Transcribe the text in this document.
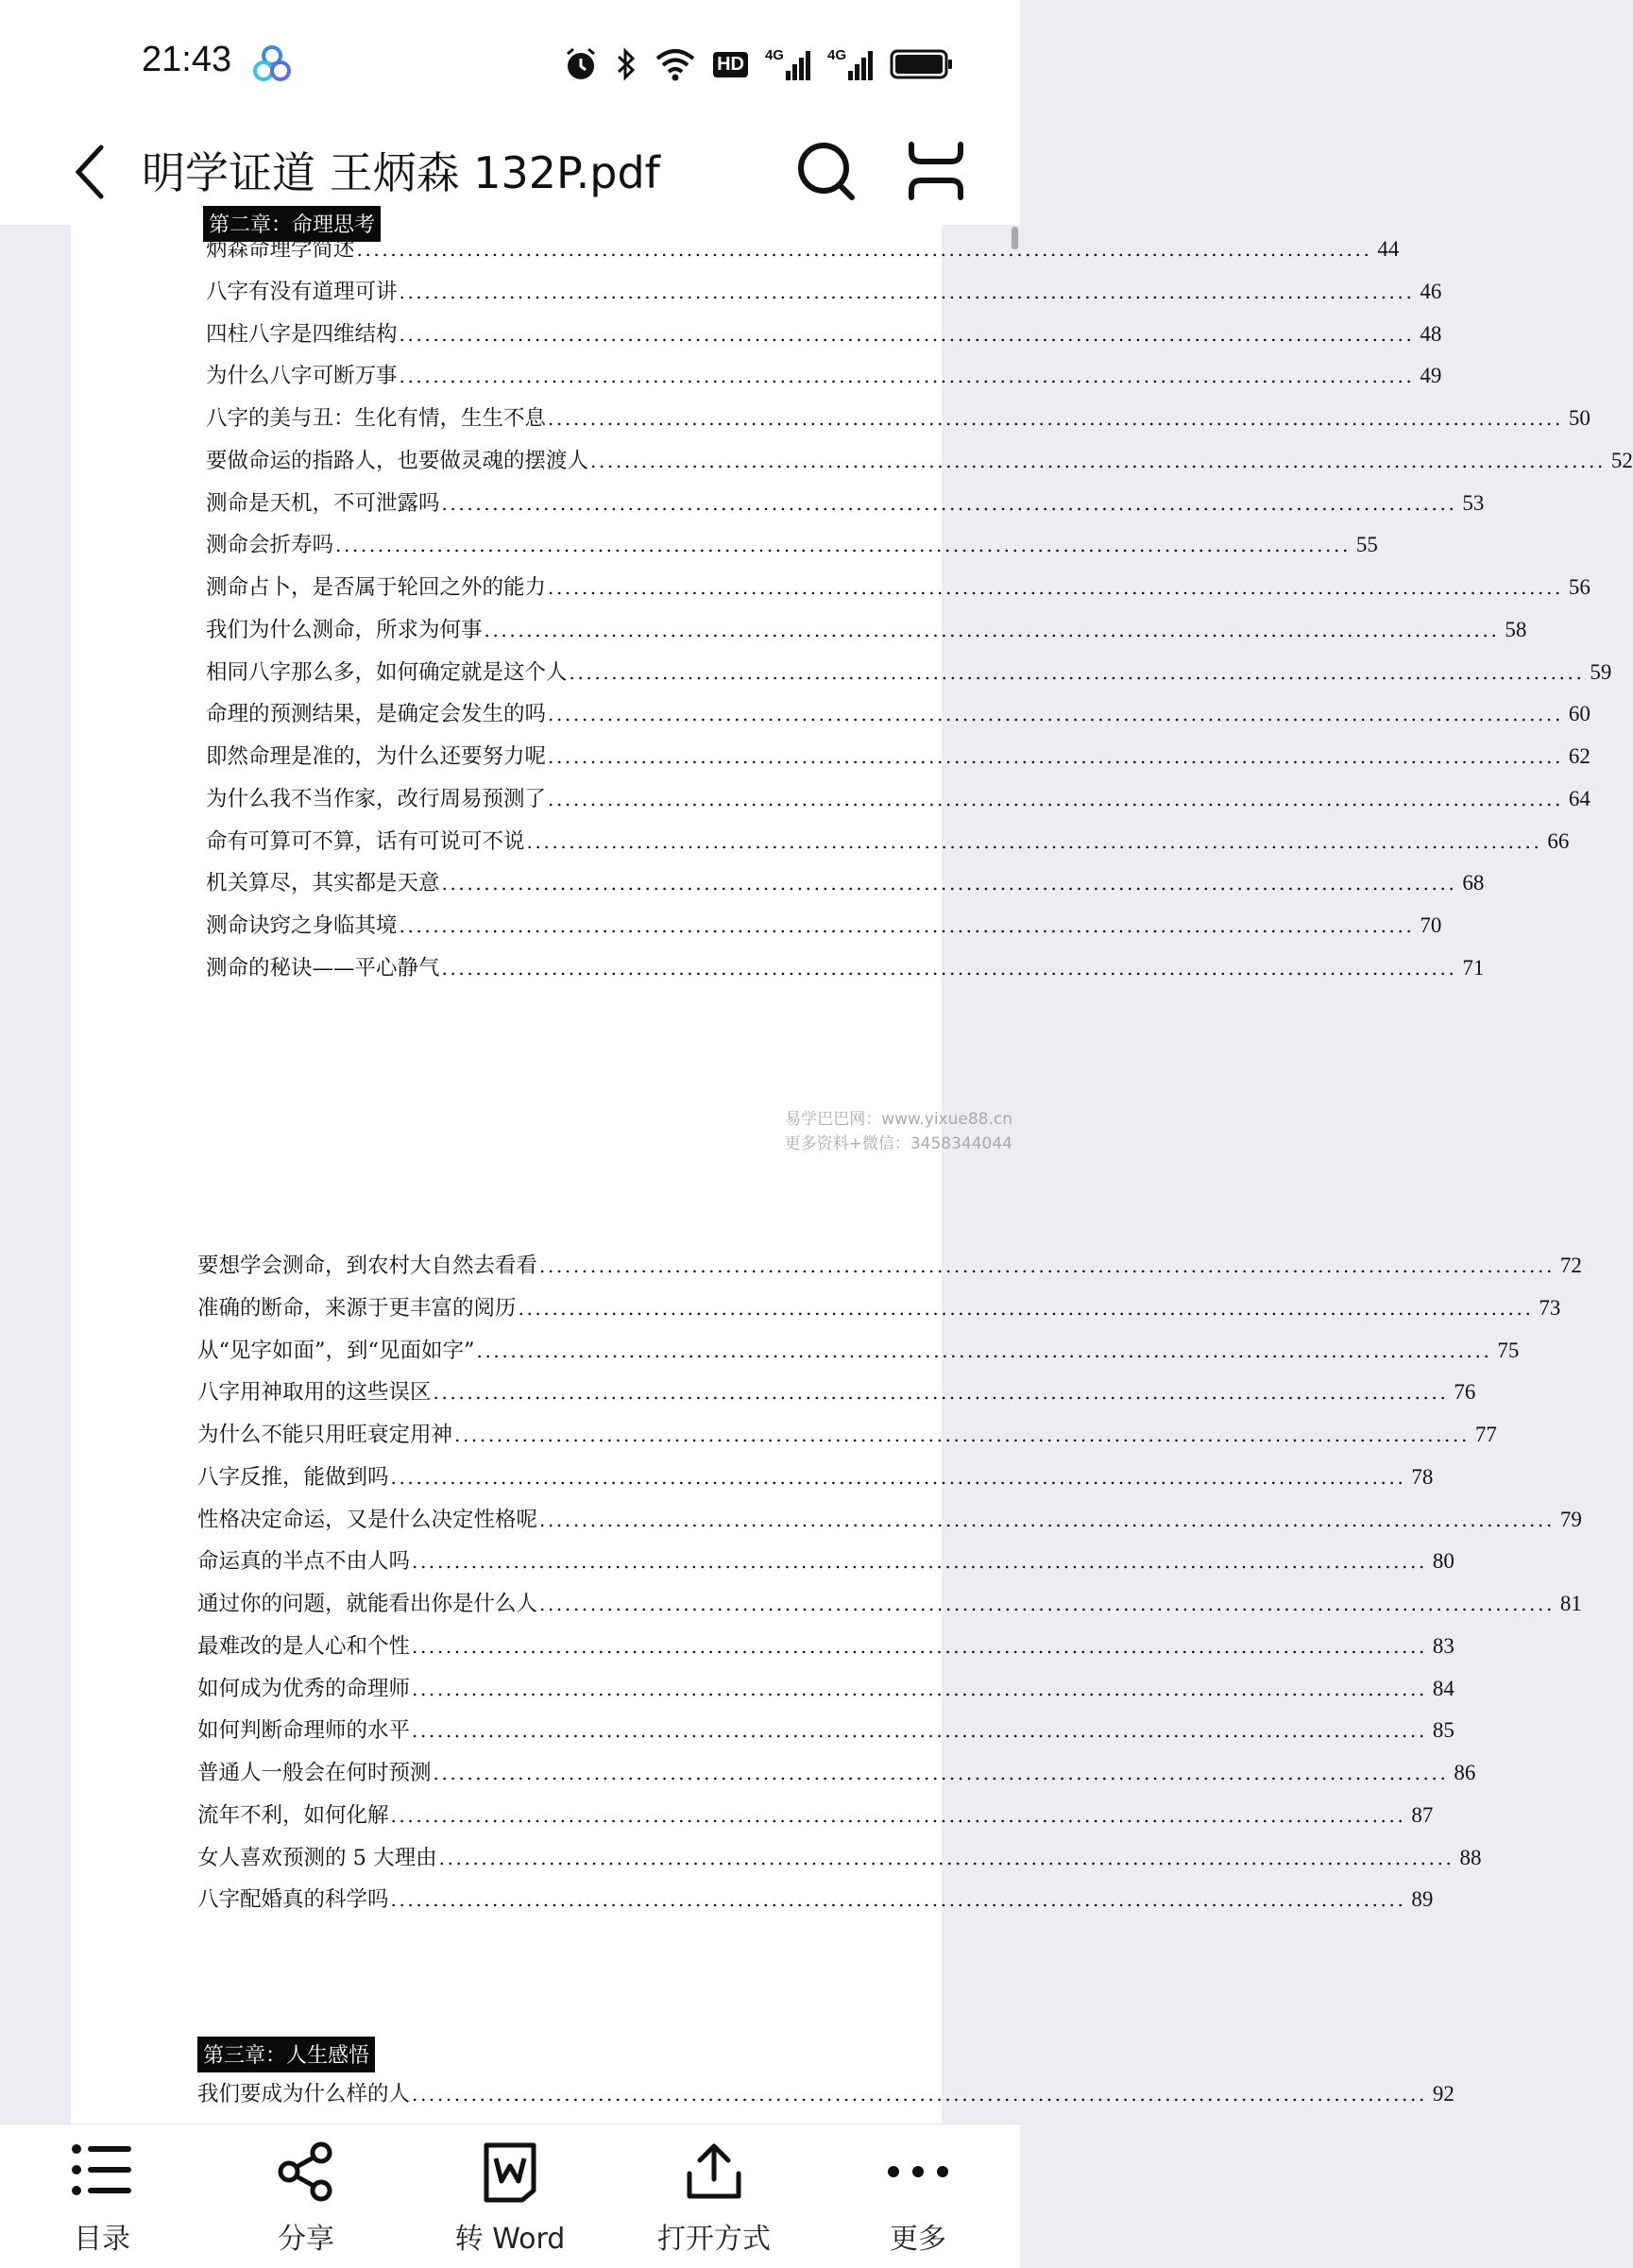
21:43	HD 4G	4G
明学证道 王炳森 132P.pdf
第二章：命理思考
炳森命理学简述 ........................................................................................................................ 44
八字有没有道理可讲 ........................................................................................................................ 46
四柱八字是四维结构 ........................................................................................................................ 48
为什么八字可断万事 ........................................................................................................................ 49
八字的美与丑：生化有情，生生不息 ........................................................................................................................ 50
要做命运的指路人，也要做灵魂的摆渡人 ........................................................................................................................ 52
测命是天机，不可泄露吗 ........................................................................................................................ 53
测命会折寿吗 ........................................................................................................................ 55
测命占卜，是否属于轮回之外的能力 ........................................................................................................................ 56
我们为什么测命，所求为何事 ........................................................................................................................ 58
相同八字那么多，如何确定就是这个人 ........................................................................................................................ 59
命理的预测结果，是确定会发生的吗 ........................................................................................................................ 60
即然命理是准的，为什么还要努力呢 ........................................................................................................................ 62
为什么我不当作家，改行周易预测了 ........................................................................................................................ 64
命有可算可不算，话有可说可不说 ........................................................................................................................ 66
机关算尽，其实都是天意 ........................................................................................................................ 68
测命诀窍之身临其境 ........................................................................................................................ 70
测命的秘诀——平心静气 ........................................................................................................................ 71
易学巴巴网：www.yixue88.cn
更多资料+微信：3458344044
要想学会测命，到农村大自然去看看 ........................................................................................................................ 72
准确的断命，来源于更丰富的阅历 ........................................................................................................................ 73
从“见字如面”，到“见面如字” ........................................................................................................................ 75
八字用神取用的这些误区 ........................................................................................................................ 76
为什么不能只用旺衰定用神 ........................................................................................................................ 77
八字反推，能做到吗 ........................................................................................................................ 78
性格决定命运，又是什么决定性格呢 ........................................................................................................................ 79
命运真的半点不由人吗 ........................................................................................................................ 80
通过你的问题，就能看出你是什么人 ........................................................................................................................ 81
最难改的是人心和个性 ........................................................................................................................ 83
如何成为优秀的命理师 ........................................................................................................................ 84
如何判断命理师的水平 ........................................................................................................................ 85
普通人一般会在何时预测 ........................................................................................................................ 86
流年不利，如何化解 ........................................................................................................................ 87
女人喜欢预测的 5 大理由 ........................................................................................................................ 88
八字配婚真的科学吗 ........................................................................................................................ 89
第三章：人生感悟
我们要成为什么样的人 ........................................................................................................................ 92
目录	分享	转 Word	打开方式	更多
